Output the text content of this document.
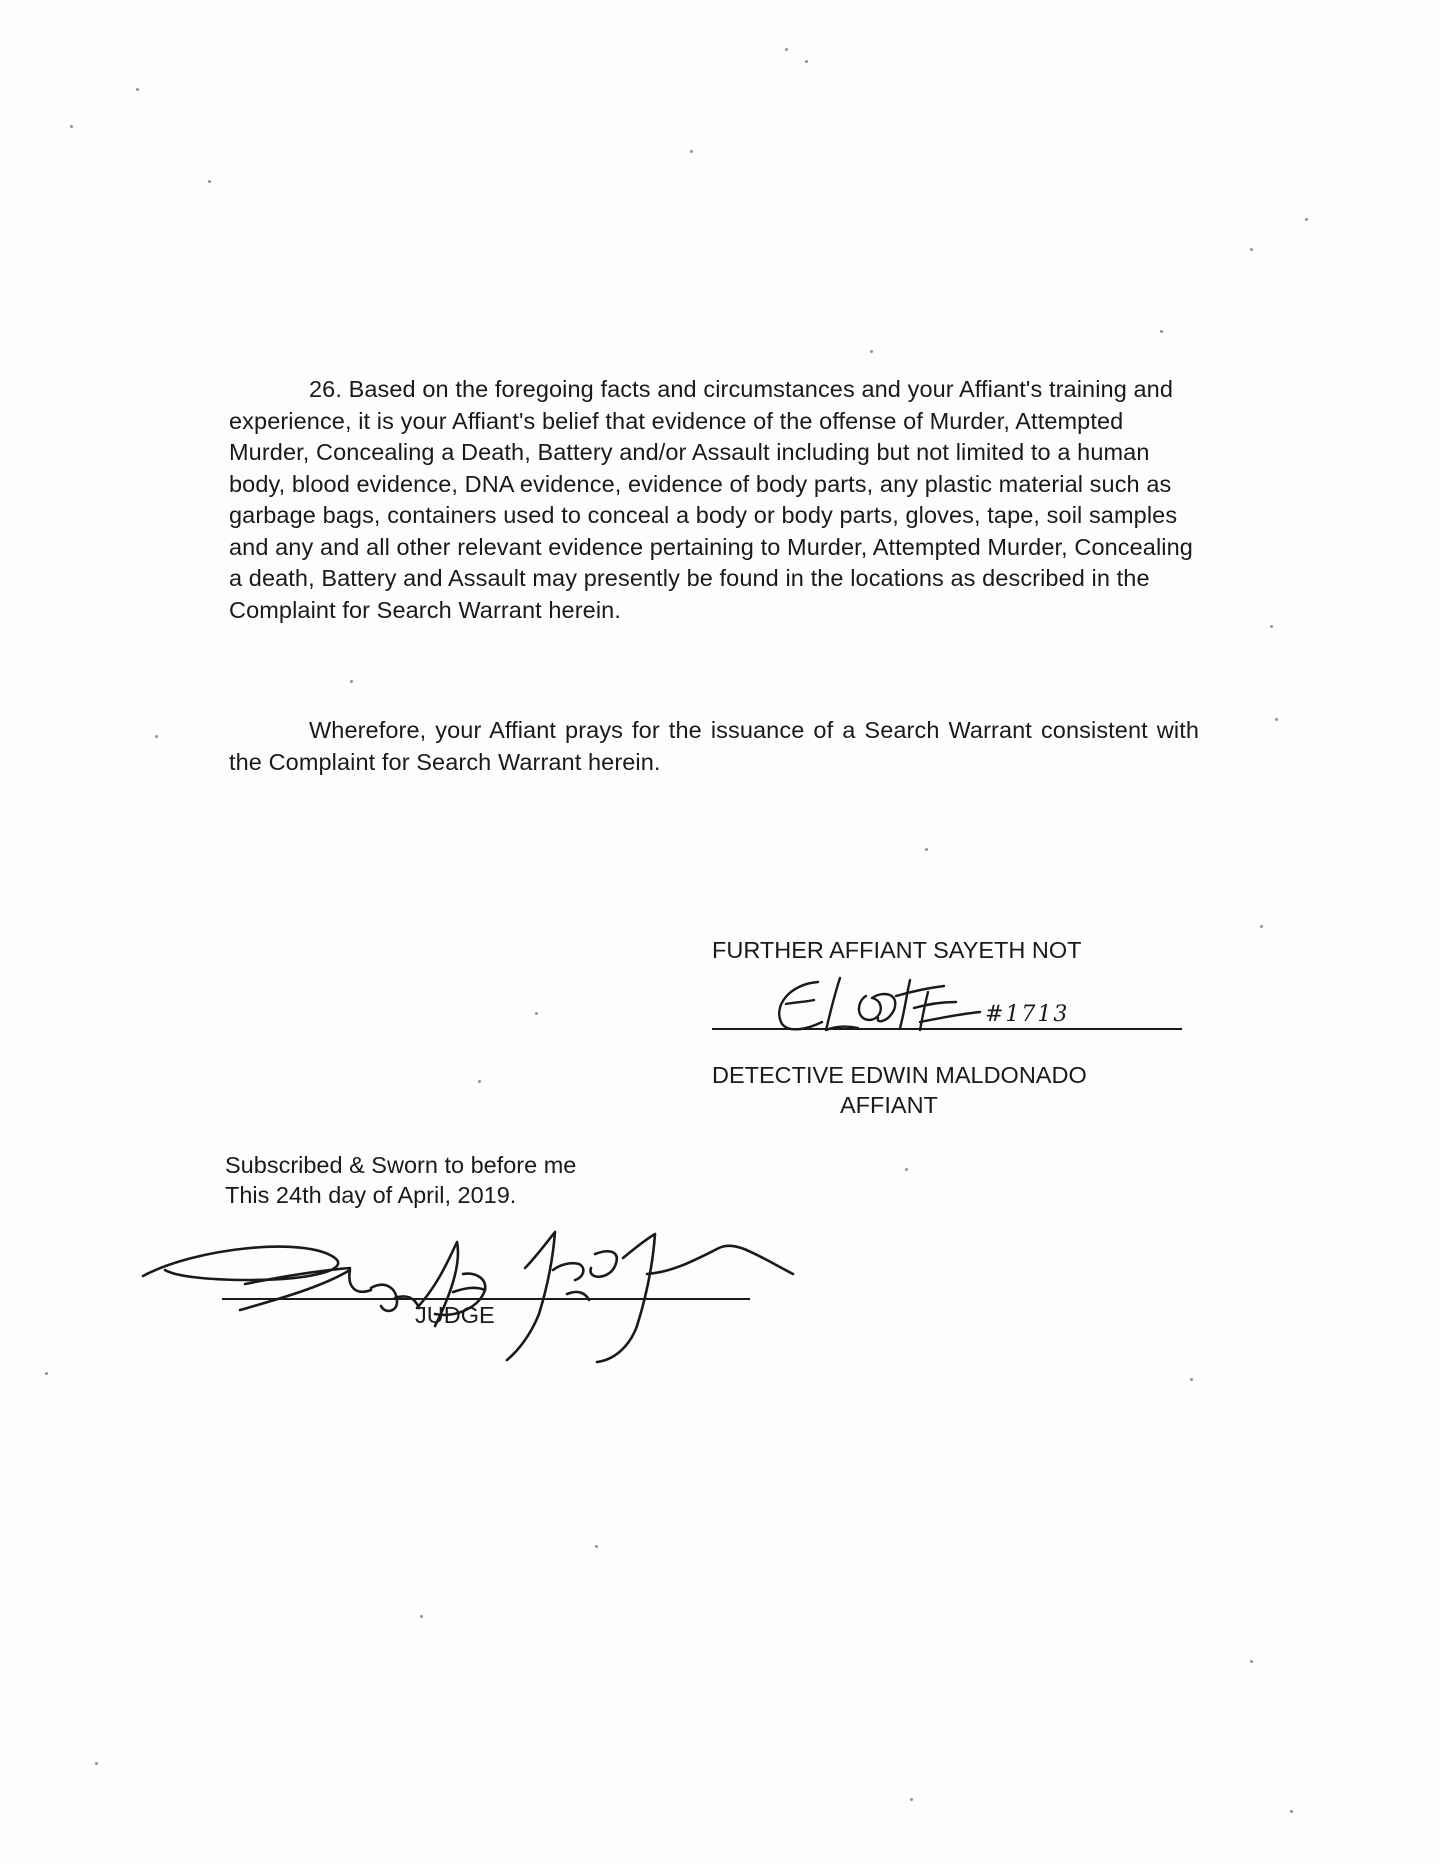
26. Based on the foregoing facts and circumstances and your Affiant's training and experience, it is your Affiant's belief that evidence of the offense of Murder, Attempted Murder, Concealing a Death, Battery and/or Assault including but not limited to a human body, blood evidence, DNA evidence, evidence of body parts, any plastic material such as garbage bags, containers used to conceal a body or body parts, gloves, tape, soil samples and any and all other relevant evidence pertaining to Murder, Attempted Murder, Concealing a death, Battery and Assault may presently be found in the locations as described in the Complaint for Search Warrant herein.

Wherefore, your Affiant prays for the issuance of a Search Warrant consistent with the Complaint for Search Warrant herein.

FURTHER AFFIANT SAYETH NOT
#1713
DETECTIVE EDWIN MALDONADO
AFFIANT
Subscribed & Sworn to before me
This 24th day of April, 2019.
JUDGE
